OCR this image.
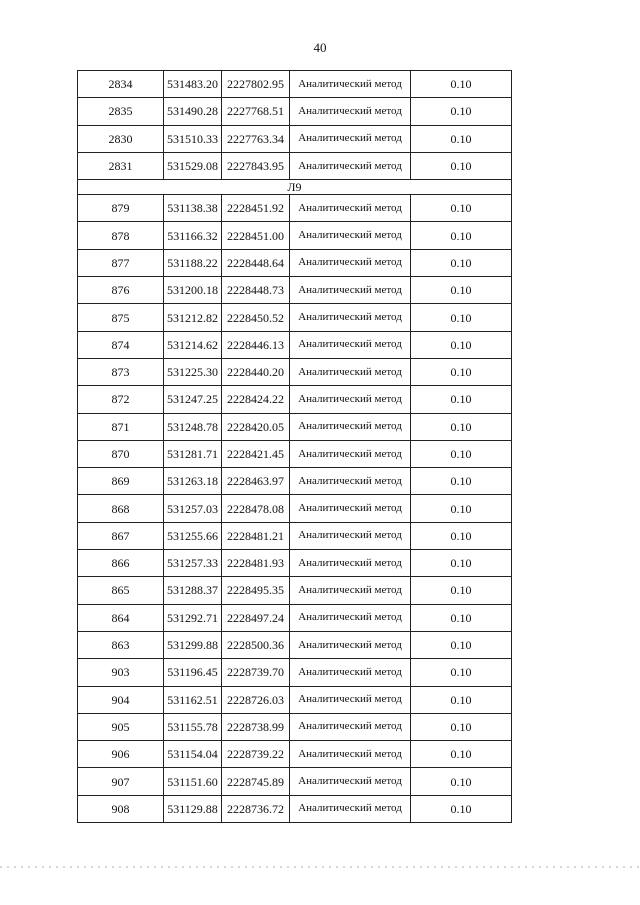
40
2834	531483.20	2227802.95	Аналитический метод	0.10
2835	531490.28	2227768.51	Аналитический метод	0.10
2830	531510.33	2227763.34	Аналитический метод	0.10
2831	531529.08	2227843.95	Аналитический метод	0.10
Л9				
879	531138.38	2228451.92	Аналитический метод	0.10
878	531166.32	2228451.00	Аналитический метод	0.10
877	531188.22	2228448.64	Аналитический метод	0.10
876	531200.18	2228448.73	Аналитический метод	0.10
875	531212.82	2228450.52	Аналитический метод	0.10
874	531214.62	2228446.13	Аналитический метод	0.10
873	531225.30	2228440.20	Аналитический метод	0.10
872	531247.25	2228424.22	Аналитический метод	0.10
871	531248.78	2228420.05	Аналитический метод	0.10
870	531281.71	2228421.45	Аналитический метод	0.10
869	531263.18	2228463.97	Аналитический метод	0.10
868	531257.03	2228478.08	Аналитический метод	0.10
867	531255.66	2228481.21	Аналитический метод	0.10
866	531257.33	2228481.93	Аналитический метод	0.10
865	531288.37	2228495.35	Аналитический метод	0.10
864	531292.71	2228497.24	Аналитический метод	0.10
863	531299.88	2228500.36	Аналитический метод	0.10
903	531196.45	2228739.70	Аналитический метод	0.10
904	531162.51	2228726.03	Аналитический метод	0.10
905	531155.78	2228738.99	Аналитический метод	0.10
906	531154.04	2228739.22	Аналитический метод	0.10
907	531151.60	2228745.89	Аналитический метод	0.10
908	531129.88	2228736.72	Аналитический метод	0.10
